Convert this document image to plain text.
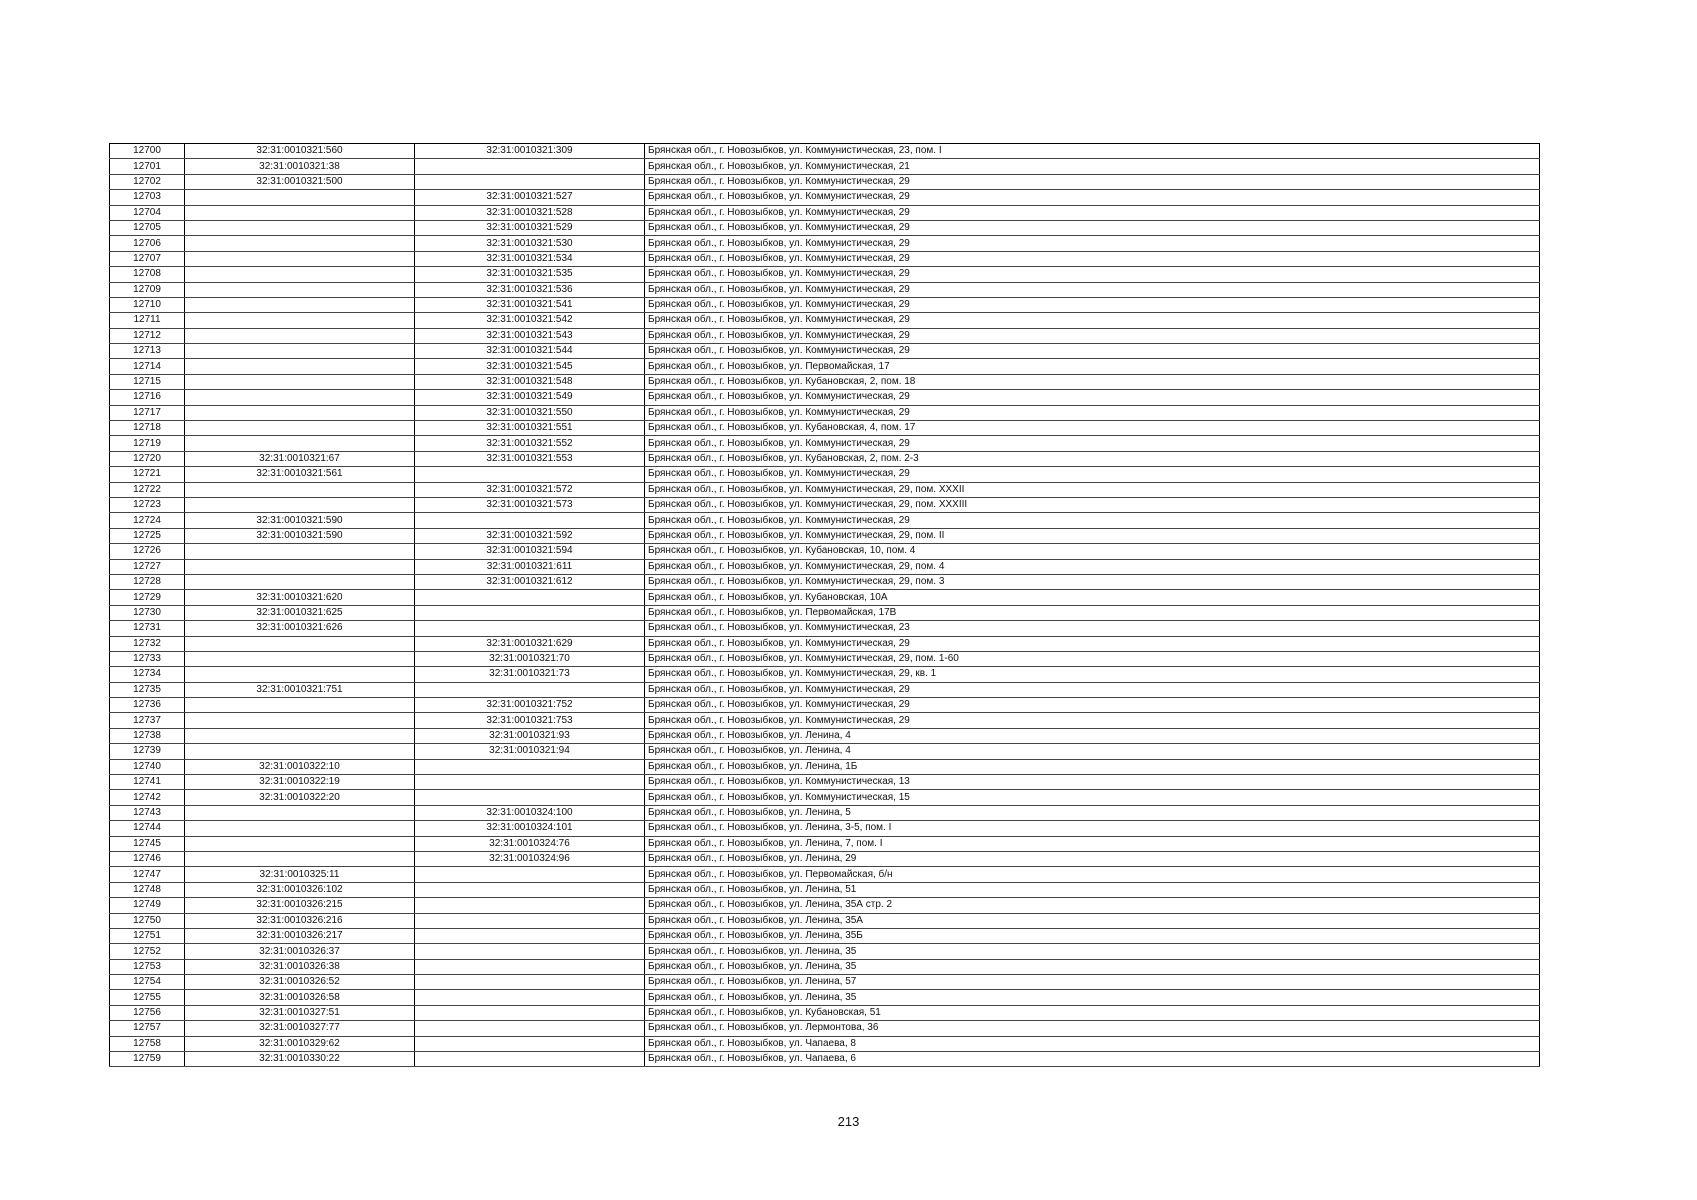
12700	32:31:0010321:560	32:31:0010321:309	Брянская обл., г. Новозыбков, ул. Коммунистическая, 23, пом. I
12701	32:31:0010321:38		Брянская обл., г. Новозыбков, ул. Коммунистическая, 21
12702	32:31:0010321:500		Брянская обл., г. Новозыбков, ул. Коммунистическая, 29
12703		32:31:0010321:527	Брянская обл., г. Новозыбков, ул. Коммунистическая, 29
12704		32:31:0010321:528	Брянская обл., г. Новозыбков, ул. Коммунистическая, 29
12705		32:31:0010321:529	Брянская обл., г. Новозыбков, ул. Коммунистическая, 29
12706		32:31:0010321:530	Брянская обл., г. Новозыбков, ул. Коммунистическая, 29
12707		32:31:0010321:534	Брянская обл., г. Новозыбков, ул. Коммунистическая, 29
12708		32:31:0010321:535	Брянская обл., г. Новозыбков, ул. Коммунистическая, 29
12709		32:31:0010321:536	Брянская обл., г. Новозыбков, ул. Коммунистическая, 29
12710		32:31:0010321:541	Брянская обл., г. Новозыбков, ул. Коммунистическая, 29
12711		32:31:0010321:542	Брянская обл., г. Новозыбков, ул. Коммунистическая, 29
12712		32:31:0010321:543	Брянская обл., г. Новозыбков, ул. Коммунистическая, 29
12713		32:31:0010321:544	Брянская обл., г. Новозыбков, ул. Коммунистическая, 29
12714		32:31:0010321:545	Брянская обл., г. Новозыбков, ул. Первомайская, 17
12715		32:31:0010321:548	Брянская обл., г. Новозыбков, ул. Кубановская, 2, пом. 18
12716		32:31:0010321:549	Брянская обл., г. Новозыбков, ул. Коммунистическая, 29
12717		32:31:0010321:550	Брянская обл., г. Новозыбков, ул. Коммунистическая, 29
12718		32:31:0010321:551	Брянская обл., г. Новозыбков, ул. Кубановская, 4, пом. 17
12719		32:31:0010321:552	Брянская обл., г. Новозыбков, ул. Коммунистическая, 29
12720	32:31:0010321:67	32:31:0010321:553	Брянская обл., г. Новозыбков, ул. Кубановская, 2, пом. 2-3
12721	32:31:0010321:561		Брянская обл., г. Новозыбков, ул. Коммунистическая, 29
12722		32:31:0010321:572	Брянская обл., г. Новозыбков, ул. Коммунистическая, 29, пом. XXXII
12723		32:31:0010321:573	Брянская обл., г. Новозыбков, ул. Коммунистическая, 29, пом. XXXIII
12724	32:31:0010321:590		Брянская обл., г. Новозыбков, ул. Коммунистическая, 29
12725	32:31:0010321:590	32:31:0010321:592	Брянская обл., г. Новозыбков, ул. Коммунистическая, 29, пом. II
12726		32:31:0010321:594	Брянская обл., г. Новозыбков, ул. Кубановская, 10, пом. 4
12727		32:31:0010321:611	Брянская обл., г. Новозыбков, ул. Коммунистическая, 29, пом. 4
12728		32:31:0010321:612	Брянская обл., г. Новозыбков, ул. Коммунистическая, 29, пом. 3
12729	32:31:0010321:620		Брянская обл., г. Новозыбков, ул. Кубановская, 10А
12730	32:31:0010321:625		Брянская обл., г. Новозыбков, ул. Первомайская, 17В
12731	32:31:0010321:626		Брянская обл., г. Новозыбков, ул. Коммунистическая, 23
12732		32:31:0010321:629	Брянская обл., г. Новозыбков, ул. Коммунистическая, 29
12733		32:31:0010321:70	Брянская обл., г. Новозыбков, ул. Коммунистическая, 29, пом. 1-60
12734		32:31:0010321:73	Брянская обл., г. Новозыбков, ул. Коммунистическая, 29, кв. 1
12735	32:31:0010321:751		Брянская обл., г. Новозыбков, ул. Коммунистическая, 29
12736		32:31:0010321:752	Брянская обл., г. Новозыбков, ул. Коммунистическая, 29
12737		32:31:0010321:753	Брянская обл., г. Новозыбков, ул. Коммунистическая, 29
12738		32:31:0010321:93	Брянская обл., г. Новозыбков, ул. Ленина, 4
12739		32:31:0010321:94	Брянская обл., г. Новозыбков, ул. Ленина, 4
12740	32:31:0010322:10		Брянская обл., г. Новозыбков, ул. Ленина, 1Б
12741	32:31:0010322:19		Брянская обл., г. Новозыбков, ул. Коммунистическая, 13
12742	32:31:0010322:20		Брянская обл., г. Новозыбков, ул. Коммунистическая, 15
12743		32:31:0010324:100	Брянская обл., г. Новозыбков, ул. Ленина, 5
12744		32:31:0010324:101	Брянская обл., г. Новозыбков, ул. Ленина, 3-5, пом. I
12745		32:31:0010324:76	Брянская обл., г. Новозыбков, ул. Ленина, 7, пом. I
12746		32:31:0010324:96	Брянская обл., г. Новозыбков, ул. Ленина, 29
12747	32:31:0010325:11		Брянская обл., г. Новозыбков, ул. Первомайская, б/н
12748	32:31:0010326:102		Брянская обл., г. Новозыбков, ул. Ленина, 51
12749	32:31:0010326:215		Брянская обл., г. Новозыбков, ул. Ленина, 35А стр. 2
12750	32:31:0010326:216		Брянская обл., г. Новозыбков, ул. Ленина, 35А
12751	32:31:0010326:217		Брянская обл., г. Новозыбков, ул. Ленина, 35Б
12752	32:31:0010326:37		Брянская обл., г. Новозыбков, ул. Ленина, 35
12753	32:31:0010326:38		Брянская обл., г. Новозыбков, ул. Ленина, 35
12754	32:31:0010326:52		Брянская обл., г. Новозыбков, ул. Ленина, 57
12755	32:31:0010326:58		Брянская обл., г. Новозыбков, ул. Ленина, 35
12756	32:31:0010327:51		Брянская обл., г. Новозыбков, ул. Кубановская, 51
12757	32:31:0010327:77		Брянская обл., г. Новозыбков, ул. Лермонтова, 36
12758	32:31:0010329:62		Брянская обл., г. Новозыбков, ул. Чапаева, 8
12759	32:31:0010330:22		Брянская обл., г. Новозыбков, ул. Чапаева, 6
213
